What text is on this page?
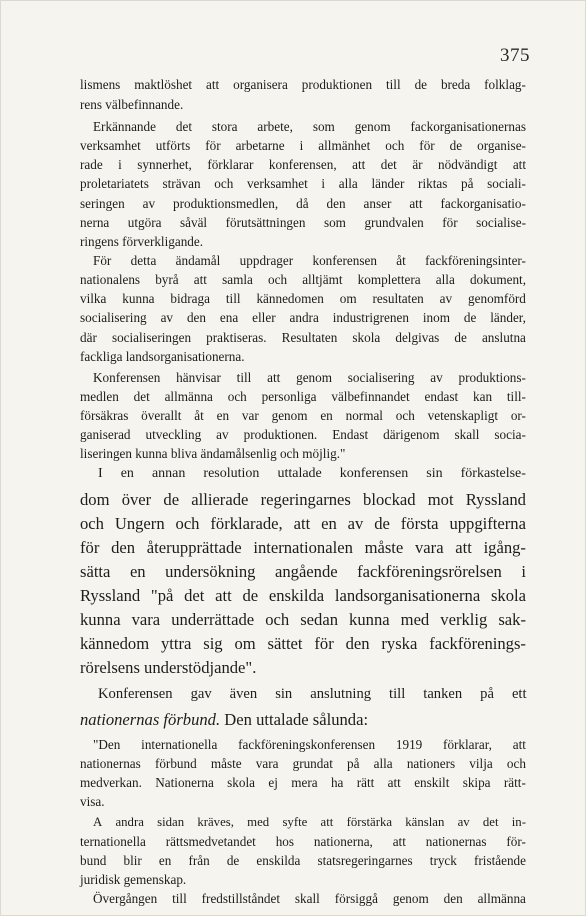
375

lismens maktlöshet att organisera produktionen till de breda folklag-

rens välbefinnande.

Erkännande	det	stora	arbete,	som	genom	fackorganisationernas

verksamhet utförts för arbetarne i allmänhet och för de organise-

rade i synnerhet, förklarar konferensen, att det är nödvändigt att

proletariatets strävan och verksamhet i alla länder riktas på sociali-

seringen av produktionsmedlen, då den anser att fackorganisatio-

nerna utgöra såväl förutsättningen som grundvalen för socialise-

ringens förverkligande.

För	detta	ändamål	uppdrager	konferensen	åt	fackföreningsinter-

nationalens byrå att samla och alltjämt komplettera alla dokument,

vilka kunna bidraga till kännedomen om resultaten av genomförd

socialisering av den ena eller andra industrigrenen inom de länder,

där socialiseringen praktiseras. Resultaten skola delgivas de anslutna

fackliga landsorganisationerna.

Konferensen	hänvisar	till	att	genom	socialisering	av	produktions-

medlen det allmänna och personliga välbefinnandet endast kan till-

försäkras överallt åt en var genom en normal och vetenskapligt or-

ganiserad utveckling av produktionen. Endast därigenom skall socia-

liseringen kunna bliva ändamålsenlig och möjlig."

I	en	annan	resolution	uttalade	konferensen	sin	förkastelse-

dom över de allierade regeringarnes blockad mot Ryssland

och Ungern och förklarade, att en av de första uppgifterna

för den återupprättade internationalen måste vara att igång-

sätta en undersökning angående fackföreningsrörelsen i

Ryssland "på det att de enskilda landsorganisationerna skola

kunna vara underrättade och sedan kunna med verklig sak-

kännedom yttra sig om sättet för den ryska fackförenings-

rörelsens understödjande".

Konferensen	gav	även	sin	anslutning	till	tanken	på	ett

nationernas förbund. Den uttalade sålunda:

"Den	internationella	fackföreningskonferensen	1919	förklarar,	att

nationernas förbund måste vara grundat på alla nationers vilja och

medverkan. Nationerna skola ej mera ha rätt att enskilt skipa rätt-

visa.

A	andra	sidan	kräves,	med	syfte	att	förstärka	känslan	av	det	in-

ternationella rättsmedvetandet hos nationerna, att nationernas för-

bund blir en från de enskilda statsregeringarnes tryck fristående

juridisk gemenskap.

Övergången	till	fredstillståndet	skall	försiggå	genom	den	allmänna
